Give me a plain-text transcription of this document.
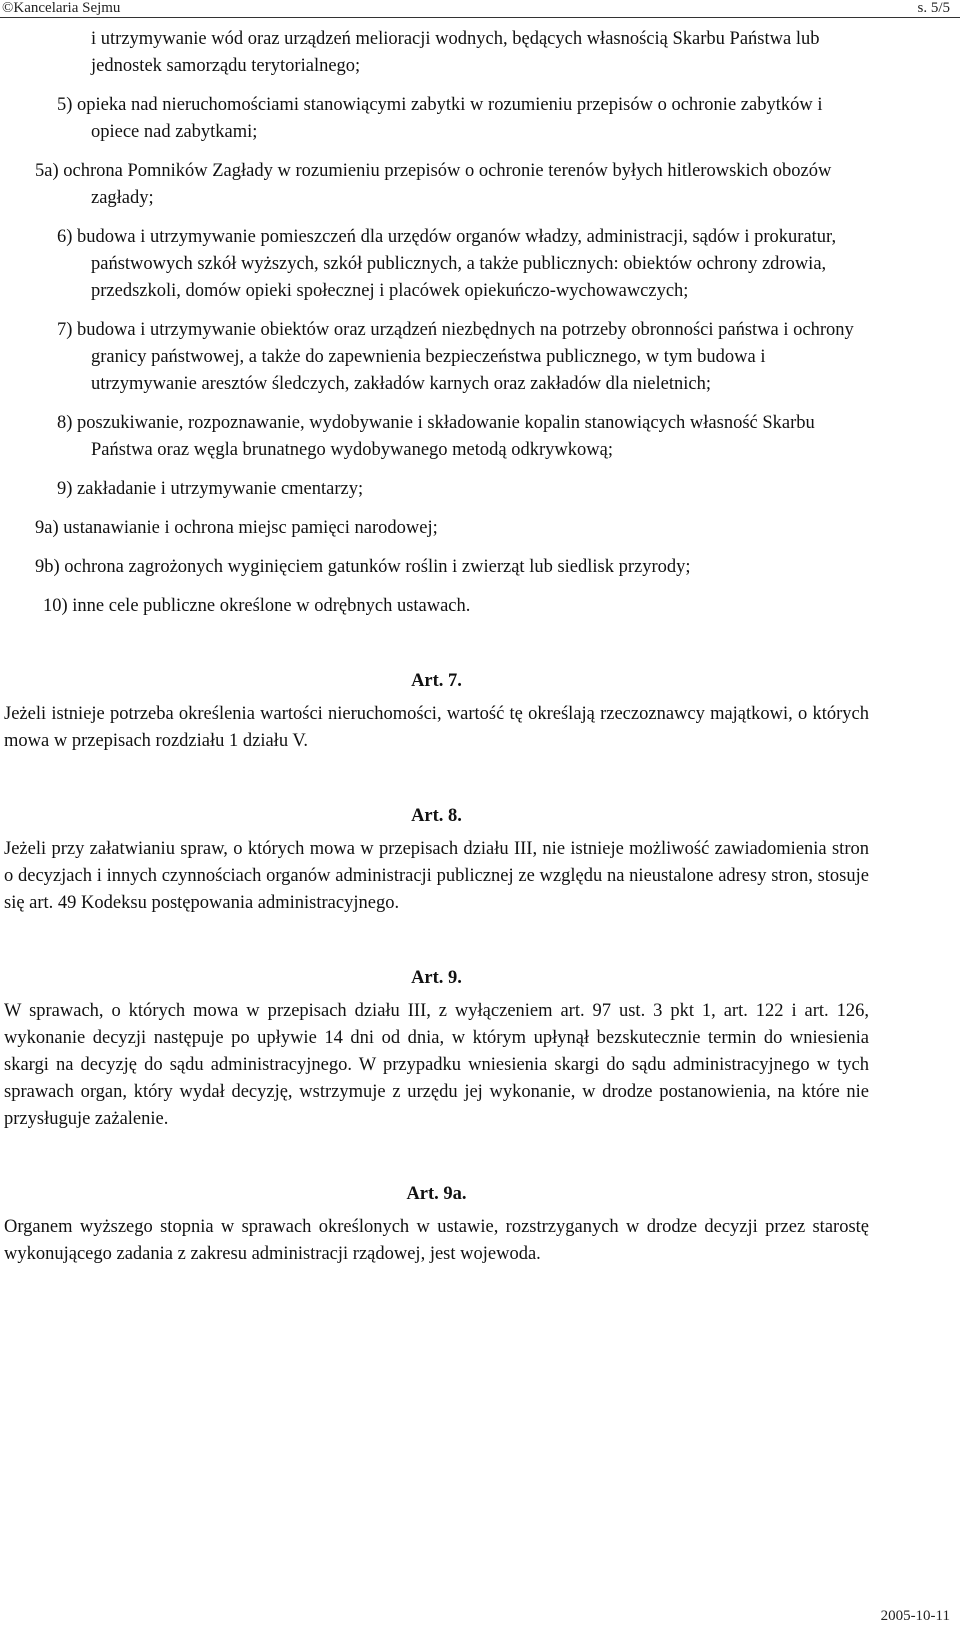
©Kancelaria Sejmu	s. 5/5
i utrzymywanie wód oraz urządzeń melioracji wodnych, będących własnością Skarbu Państwa lub jednostek samorządu terytorialnego;
5) opieka nad nieruchomościami stanowiącymi zabytki w rozumieniu przepisów o ochronie zabytków i opiece nad zabytkami;
5a) ochrona Pomników Zagłady w rozumieniu przepisów o ochronie terenów byłych hitlerowskich obozów zagłady;
6) budowa i utrzymywanie pomieszczeń dla urzędów organów władzy, administracji, sądów i prokuratur, państwowych szkół wyższych, szkół publicznych, a także publicznych: obiektów ochrony zdrowia, przedszkoli, domów opieki społecznej i placówek opiekuńczo-wychowawczych;
7) budowa i utrzymywanie obiektów oraz urządzeń niezbędnych na potrzeby obronności państwa i ochrony granicy państwowej, a także do zapewnienia bezpieczeństwa publicznego, w tym budowa i utrzymywanie aresztów śledczych, zakładów karnych oraz zakładów dla nieletnich;
8) poszukiwanie, rozpoznawanie, wydobywanie i składowanie kopalin stanowiących własność Skarbu Państwa oraz węgla brunatnego wydobywanego metodą odkrywkową;
9) zakładanie i utrzymywanie cmentarzy;
9a) ustanawianie i ochrona miejsc pamięci narodowej;
9b) ochrona zagrożonych wyginięciem gatunków roślin i zwierząt lub siedlisk przyrody;
10) inne cele publiczne określone w odrębnych ustawach.
Art. 7.

Jeżeli istnieje potrzeba określenia wartości nieruchomości, wartość tę określają rzeczoznawcy majątkowi, o których mowa w przepisach rozdziału 1 działu V.

Art. 8.

Jeżeli przy załatwianiu spraw, o których mowa w przepisach działu III, nie istnieje możliwość zawiadomienia stron o decyzjach i innych czynnościach organów administracji publicznej ze względu na nieustalone adresy stron, stosuje się art. 49 Kodeksu postępowania administracyjnego.

Art. 9.

W sprawach, o których mowa w przepisach działu III, z wyłączeniem art. 97 ust. 3 pkt 1, art. 122 i art. 126, wykonanie decyzji następuje po upływie 14 dni od dnia, w którym upłynął bezskutecznie termin do wniesienia skargi na decyzję do sądu administracyjnego. W przypadku wniesienia skargi do sądu administracyjnego w tych sprawach organ, który wydał decyzję, wstrzymuje z urzędu jej wykonanie, w drodze postanowienia, na które nie przysługuje zażalenie.

Art. 9a.

Organem wyższego stopnia w sprawach określonych w ustawie, rozstrzyganych w drodze decyzji przez starostę wykonującego zadania z zakresu administracji rządowej, jest wojewoda.

2005-10-11
